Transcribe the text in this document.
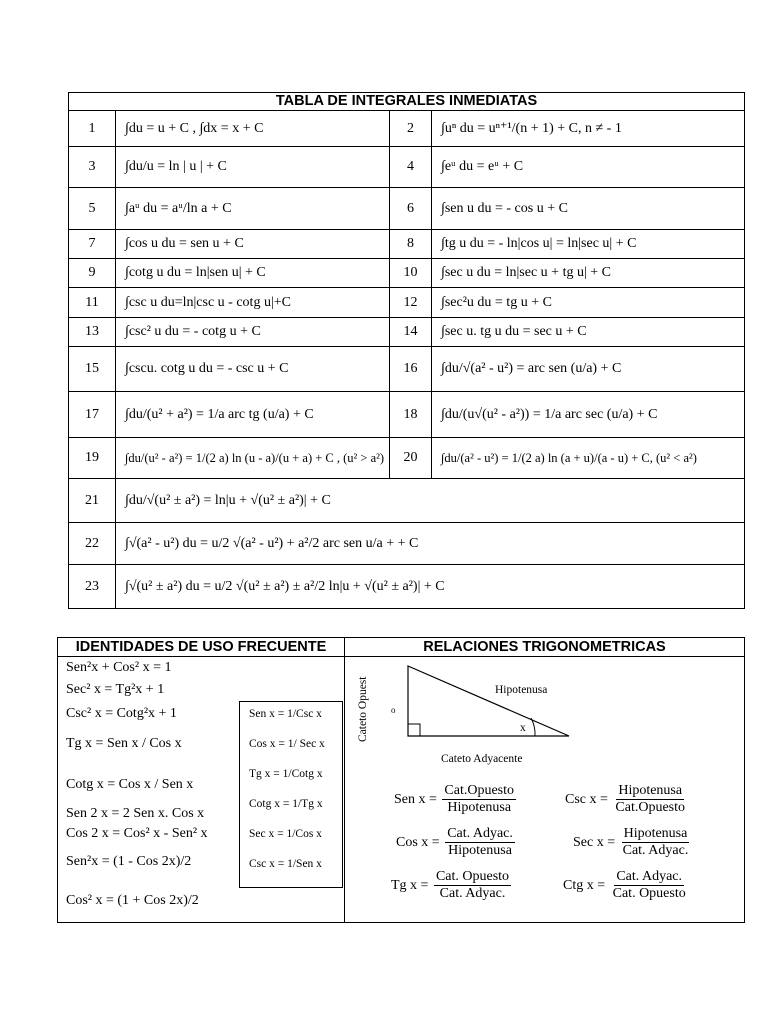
TABLA DE INTEGRALES INMEDIATAS
1	∫du = u + C , ∫dx = x + C	2	∫uⁿ du = uⁿ⁺¹/(n + 1) + C, n ≠ - 1
3	∫du/u = ln | u | + C	4	∫eᵘ du = eᵘ + C
5	∫aᵘ du = aᵘ/ln a + C	6	∫sen u du = - cos u + C
7	∫cos u du = sen u + C	8	∫tg u du = - ln|cos u| = ln|sec u| + C
9	∫cotg u du = ln|sen u| + C	10	∫sec u du = ln|sec u + tg u| + C
11	∫csc u du=ln|csc u - cotg u|+C	12	∫sec²u du = tg u + C
13	∫csc² u du = - cotg u + C	14	∫sec u. tg u du = sec u + C
15	∫cscu. cotg u du = - csc u + C	16	∫du/√(a² - u²) = arc sen (u/a) + C
17	∫du/(u² + a²) = 1/a arc tg (u/a) + C	18	∫du/(u√(u² - a²)) = 1/a arc sec (u/a) + C
19	∫du/(u² - a²) = 1/(2 a) ln (u - a)/(u + a) + C , (u² > a²)	20	∫du/(a² - u²) = 1/(2 a) ln (a + u)/(a - u) + C, (u² < a²)
21	∫du/√(u² ± a²) = ln|u + √(u² ± a²)| + C
22	∫√(a² - u²) du = u/2 √(a² - u²) + a²/2 arc sen u/a + + C
23	∫√(u² ± a²) du = u/2 √(u² ± a²) ± a²/2 ln|u + √(u² ± a²)| + C
IDENTIDADES DE USO FRECUENTE	RELACIONES TRIGONOMETRICAS
Sen²x + Cos² x = 1
Sec² x = Tg²x + 1
Csc² x = Cotg²x + 1
Tg x = Sen x / Cos x
Cotg x = Cos x / Sen x
Sen 2 x = 2 Sen x. Cos x
Cos 2 x = Cos² x - Sen² x
Sen²x = (1 - Cos 2x)/2
Cos² x = (1 + Cos 2x)/2
Sen x = 1/Csc x
Cos x = 1/ Sec x
Tg x = 1/Cotg x
Cotg x = 1/Tg x
Sec x = 1/Cos x
Csc x = 1/Sen x
Cateto Opuest o
Hipotenusa
x
Cateto Adyacente
Sen $x = \frac{\text{Cat.Opuesto}}{\text{Hipotenusa}}$	Csc $x = \frac{\text{Hipotenusa}}{\text{Cat.Opuesto}}$
Cos $x = \frac{\text{Cat. Adyac.}}{\text{Hipotenusa}}$	Sec $x = \frac{\text{Hipotenusa}}{\text{Cat. Adyac.}}$
Tg $x = \frac{\text{Cat. Opuesto}}{\text{Cat. Adyac.}}$	Ctg $x = \frac{\text{Cat. Adyac.}}{\text{Cat. Opuesto}}$
